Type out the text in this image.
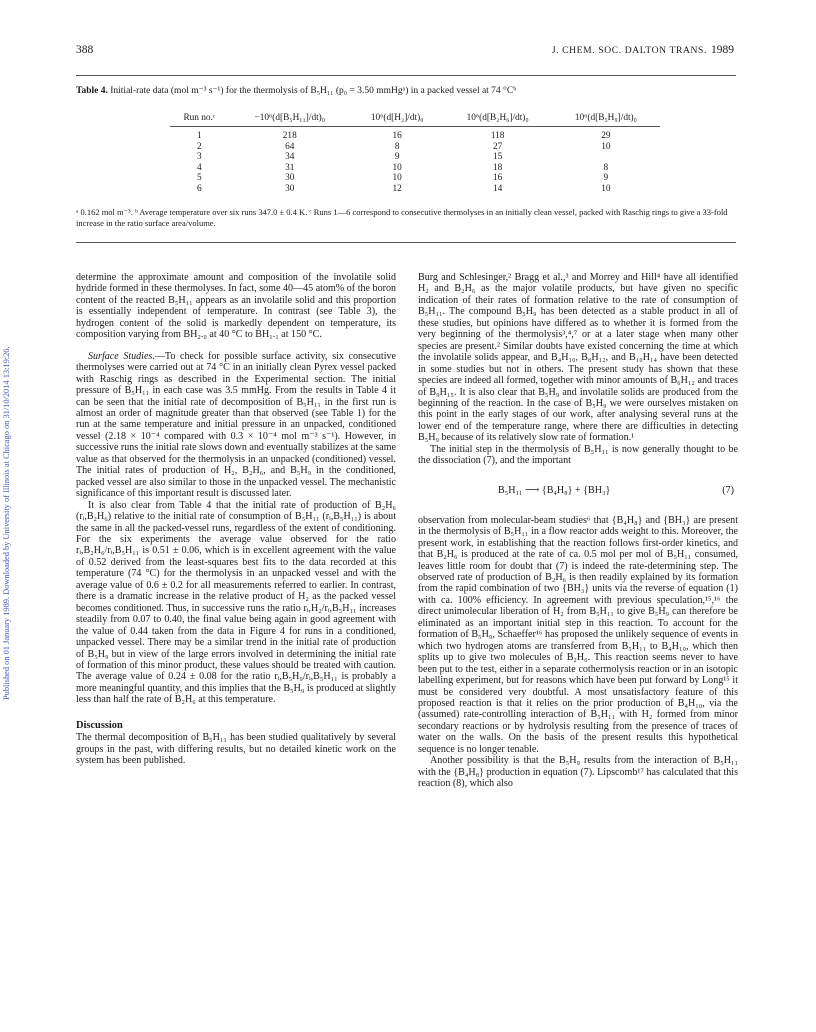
Published on 01 January 1989. Downloaded by University of Illinois at Chicago on 31/10/2014 13:19:26.
388	J. CHEM. SOC. DALTON TRANS. 1989
Table 4. Initial-rate data (mol m⁻³ s⁻¹) for the thermolysis of B₅H₁₁ (p₀ = 3.50 mmHgᵃ) in a packed vessel at 74 °Cᵇ
Run no.ᶜ	−10⁶(d[B₅H₁₁]/dt)₀	10⁶(d[H₂]/dt)₀	10⁶(d[B₂H₆]/dt)₀	10⁶(d[B₅H₉]/dt)₀
1	218	16	118	29
2	64	8	27	10
3	34	9	15	
4	31	10	18	8
5	30	10	16	9
6	30	12	14	10
ᵃ 0.162 mol m⁻³. ᵇ Average temperature over six runs 347.0 ± 0.4 K. ᶜ Runs 1—6 correspond to consecutive thermolyses in an initially clean vessel, packed with Raschig rings to give a 33-fold increase in the ratio surface area/volume.

determine the approximate amount and composition of the involatile solid hydride formed in these thermolyses. In fact, some 40—45 atom% of the boron content of the reacted B₅H₁₁ appears as an involatile solid and this proportion is essentially independent of temperature. In contrast (see Table 3), the hydrogen content of the solid is markedly dependent on temperature, its composition varying from BH₂.₀ at 40 °C to BH₁.₁ at 150 °C.

Surface Studies.—To check for possible surface activity, six consecutive thermolyses were carried out at 74 °C in an initially clean Pyrex vessel packed with Raschig rings as described in the Experimental section. The initial pressure of B₅H₁₁ in each case was 3.5 mmHg. From the results in Table 4 it can be seen that the initial rate of decomposition of B₅H₁₁ in the first run is almost an order of magnitude greater than that observed (see Table 1) for the run at the same temperature and initial pressure in an unpacked, conditioned vessel (2.18 × 10⁻⁴ compared with 0.3 × 10⁻⁴ mol m⁻³ s⁻¹). However, in successive runs the initial rate slows down and eventually stabilizes at the same value as that observed for the thermolysis in an unpacked (conditioned) vessel. The initial rates of production of H₂, B₂H₆, and B₅H₉ in the conditioned, packed vessel are also similar to those in the unpacked vessel. The mechanistic significance of this important result is discussed later.

It is also clear from Table 4 that the initial rate of production of B₂H₆ (rᵢ,B₂H₆) relative to the initial rate of consumption of B₅H₁₁ (rᵢ,B₅H₁₁) is about the same in all the packed-vessel runs, regardless of the extent of conditioning. For the six experiments the average value observed for the ratio rᵢ,B₂H₆/rᵢ,B₅H₁₁ is 0.51 ± 0.06, which is in excellent agreement with the value of 0.52 derived from the least-squares best fits to the data recorded at this temperature (74 °C) for the thermolysis in an unpacked vessel and with the average value of 0.6 ± 0.2 for all measurements referred to earlier. In contrast, there is a dramatic increase in the relative product of H₂ as the packed vessel becomes conditioned. Thus, in successive runs the ratio rᵢ,H₂/rᵢ,B₅H₁₁ increases steadily from 0.07 to 0.40, the final value being again in good agreement with the value of 0.44 taken from the data in Figure 4 for runs in a conditioned, unpacked vessel. There may be a similar trend in the initial rate of production of B₅H₉ but in view of the large errors involved in determining the initial rate of formation of this minor product, these values should be treated with caution. The average value of 0.24 ± 0.08 for the ratio rᵢ,B₅H₉/rᵢ,B₅H₁₁ is probably a more meaningful quantity, and this implies that the B₅H₉ is produced at slightly less than half the rate of B₂H₆ at this temperature.

Discussion

The thermal decomposition of B₅H₁₁ has been studied qualitatively by several groups in the past, with differing results, but no detailed kinetic work on the system has been published.

Burg and Schlesinger,² Bragg et al.,³ and Morrey and Hill⁴ have all identified H₂ and B₂H₆ as the major volatile products, but have given no specific indication of their rates of formation relative to the rate of consumption of B₅H₁₁. The compound B₅H₉ has been detected as a stable product in all of these studies, but opinions have differed as to whether it is formed from the very beginning of the thermolysis³,⁴,⁷ or at a later stage when many other species are present.² Similar doubts have existed concerning the time at which the involatile solids appear, and B₄H₁₀, B₈H₁₂, and B₁₀H₁₄ have been detected in some studies but not in others. The present study has shown that these species are indeed all formed, together with minor amounts of B₆H₁₂ and traces of B₉H₁₅. It is also clear that B₅H₉ and involatile solids are produced from the beginning of the reaction. In the case of B₅H₉ we were ourselves mistaken on this point in the early stages of our work, after analysing several runs at the lower end of the temperature range, where there are difficulties in detecting B₅H₉ because of its relatively slow rate of formation.¹

The initial step in the thermolysis of B₅H₁₁ is now generally thought to be the dissociation (7), and the important

B₅H₁₁ ⟶ {B₄H₈} + {BH₃}	(7)

observation from molecular-beam studies⁶ that {B₄H₈} and {BH₃} are present in the thermolysis of B₅H₁₁ in a flow reactor adds weight to this. Moreover, the present work, in establishing that the reaction follows first-order kinetics, and that B₂H₆ is produced at the rate of ca. 0.5 mol per mol of B₅H₁₁ consumed, leaves little room for doubt that (7) is indeed the rate-determining step. The observed rate of production of B₂H₆ is then readily explained by its formation from the rapid combination of two {BH₃} units via the reverse of equation (1) with ca. 100% efficiency. In agreement with previous speculation,¹⁵,¹⁶ the direct unimolecular liberation of H₂ from B₅H₁₁ to give B₅H₉ can therefore be eliminated as an important initial step in this reaction. To account for the formation of B₅H₉, Schaeffer¹⁶ has proposed the unlikely sequence of events in which two hydrogen atoms are transferred from B₅H₁₁ to B₄H₁₀, which then splits up to give two molecules of B₂H₆. This reaction seems never to have been put to the test, either in a separate cothermolysis reaction or in an isotopic labelling experiment, but for reasons which have been put forward by Long¹⁵ it must be considered very doubtful. A most unsatisfactory feature of this proposed reaction is that it relies on the prior production of B₄H₁₀, via the (assumed) rate-controlling interaction of B₅H₁₁ with H₂ formed from minor secondary reactions or by hydrolysis resulting from the presence of traces of water on the walls. On the basis of the present results this hypothetical sequence is no longer tenable.

Another possibility is that the B₅H₉ results from the interaction of B₅H₁₁ with the {B₄H₈} production in equation (7). Lipscomb¹⁷ has calculated that this reaction (8), which also
